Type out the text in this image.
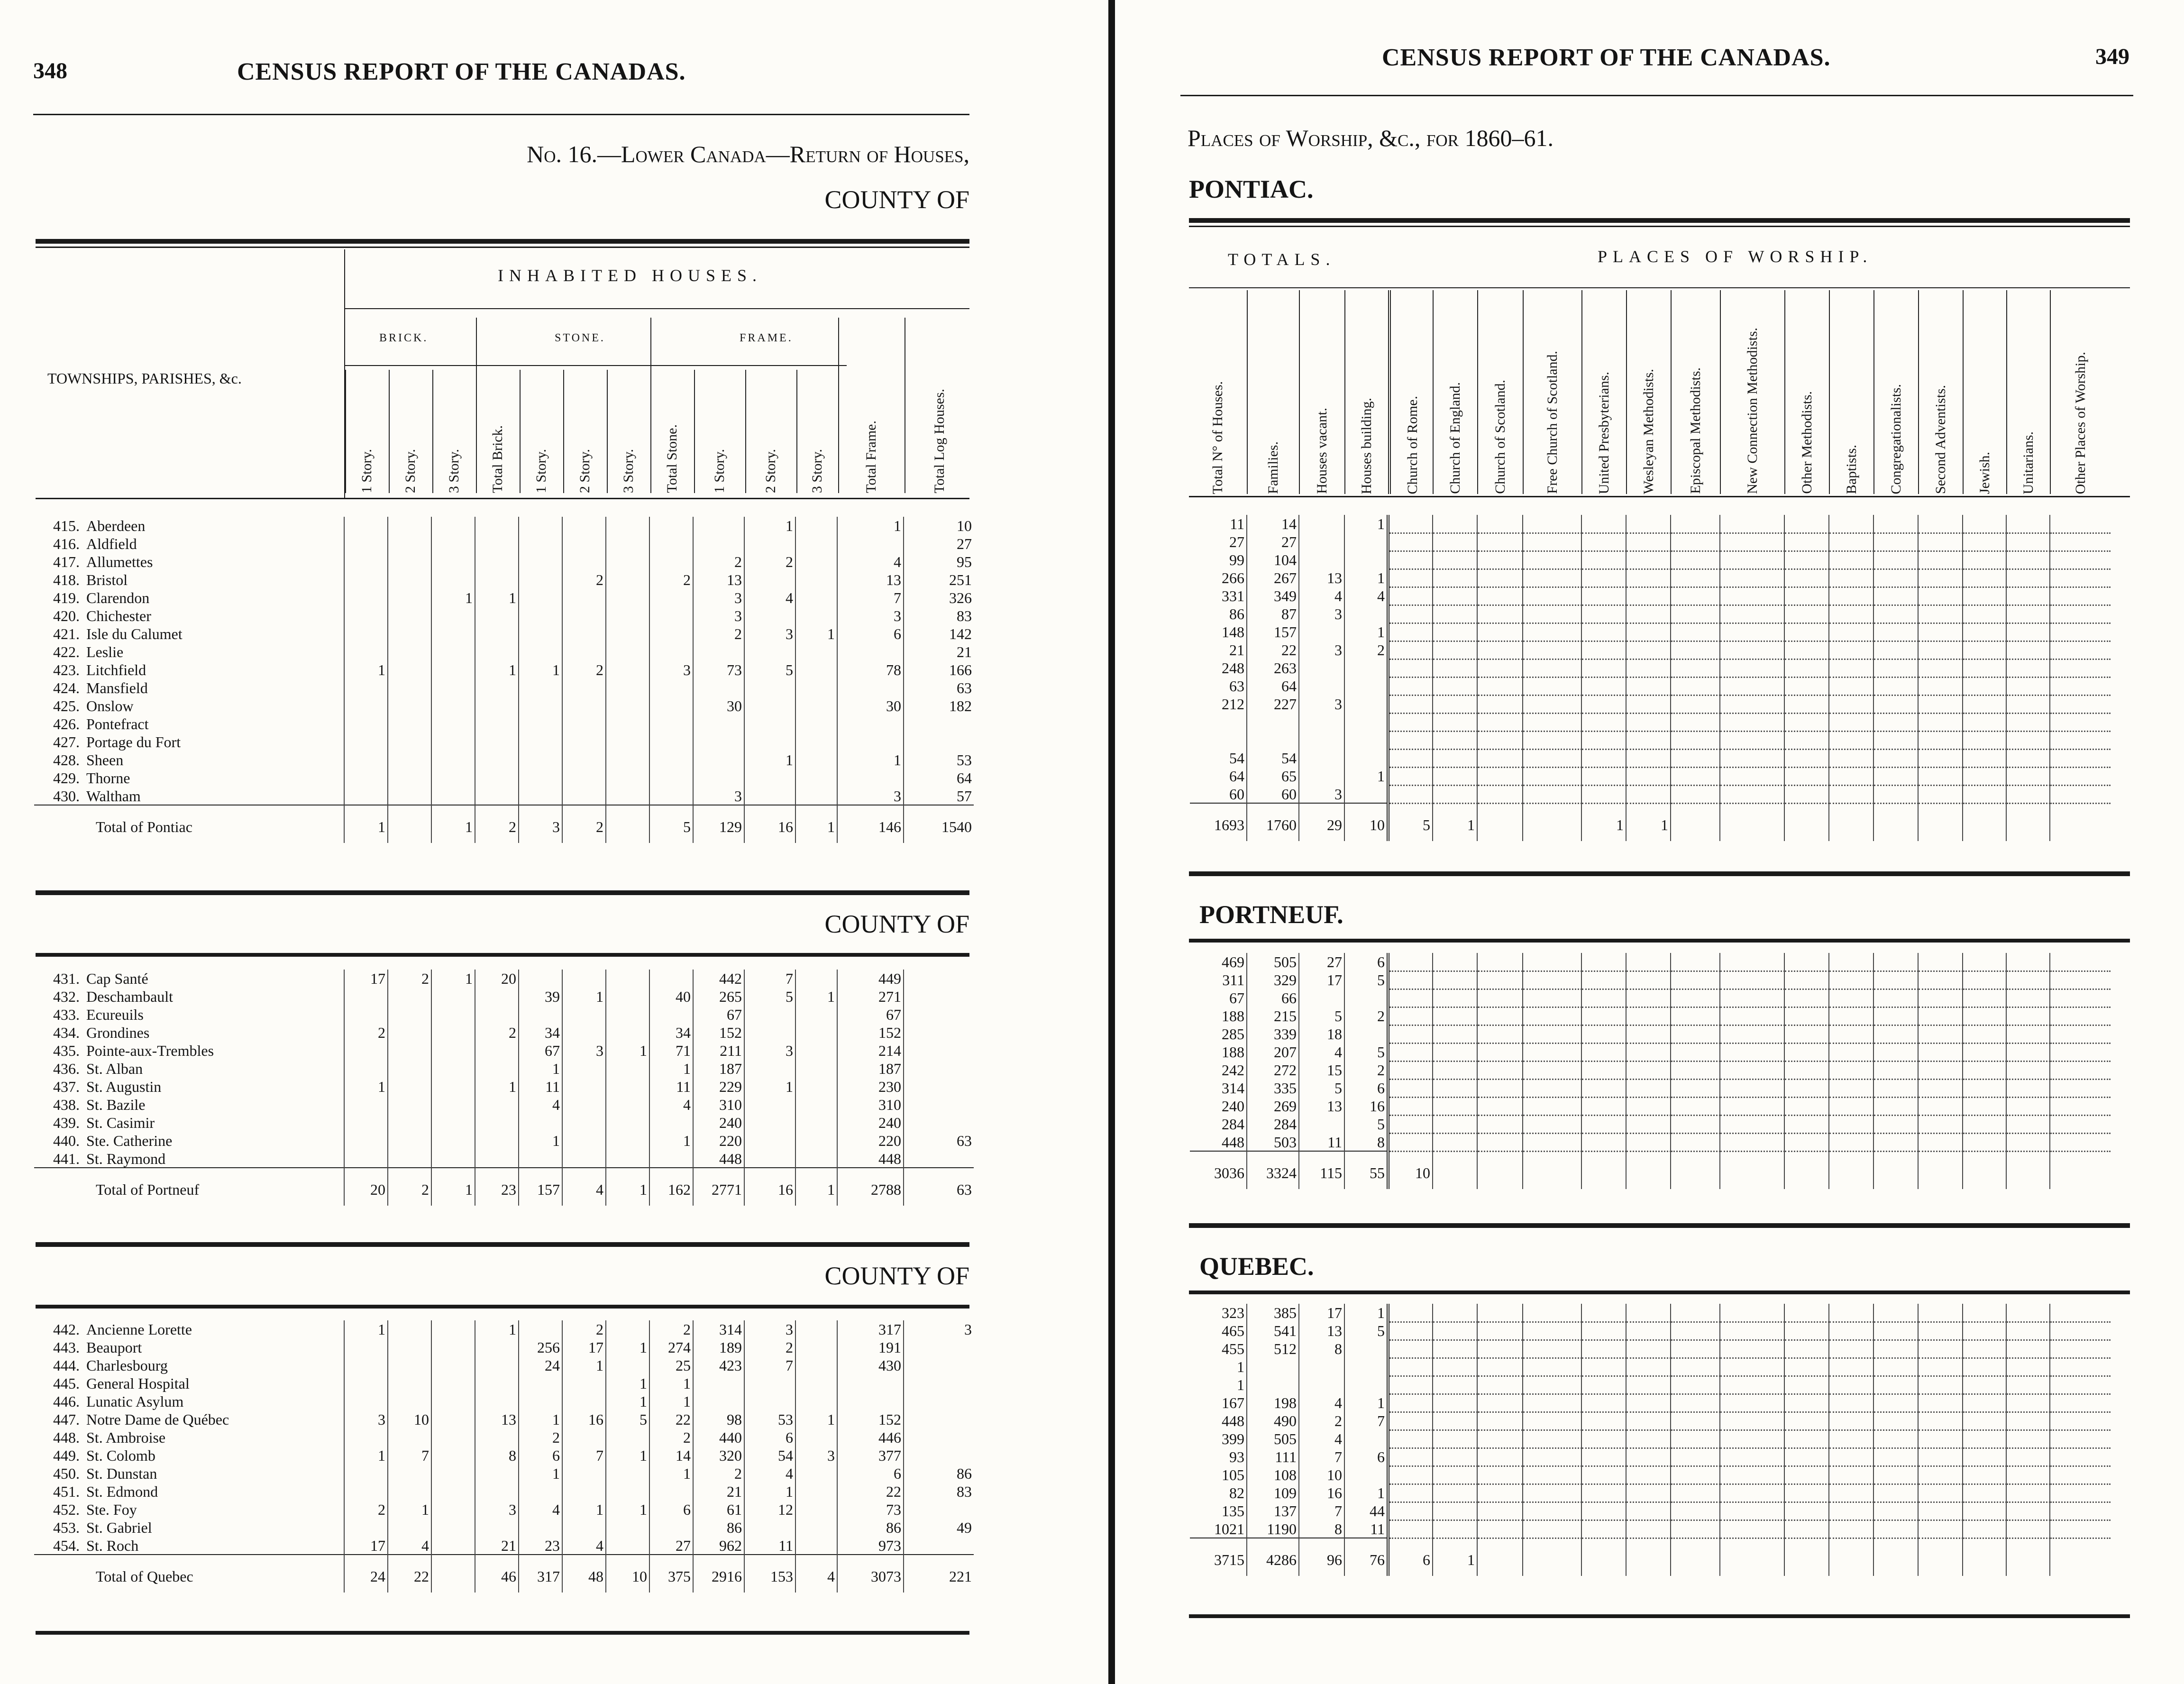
348	CENSUS REPORT OF THE CANADAS.
No. 16.—Lower Canada—Return of Houses,
COUNTY OF
TOWNSHIPS, PARISHES, &c.
INHABITED HOUSES.
BRICK.	STONE.	FRAME.
1 Story. 2 Story. 3 Story. Total Brick. 1 Story. 2 Story. 3 Story. Total Stone. 1 Story.	2 Story. 3 Story.	Total Frame.	Total Log Houses.
415. Aberdeen										1		1	10
416. Aldfield													27
417. Allumettes									2	2		4	95
418. Bristol						2		2	13			13	251
419. Clarendon			1	1					3	4		7	326
420. Chichester									3			3	83
421. Isle du Calumet									2	3	1	6	142
422. Leslie													21
423. Litchfield	1			1	1	2		3	73	5		78	166
424. Mansfield													63
425. Onslow									30			30	182
426. Pontefract													
427. Portage du Fort													
428. Sheen										1		1	53
429. Thorne													64
430. Waltham									3			3	57
Total of Pontiac	1		1	2	3	2		5	129	16	1	146	1540
COUNTY OF
431. Cap Santé	17	2	1	20					442	7		449	
432. Deschambault					39	1		40	265	5	1	271	
433. Ecureuils									67			67	
434. Grondines	2			2	34			34	152			152	
435. Pointe-aux-Trembles					67	3	1	71	211	3		214	
436. St. Alban					1			1	187			187	
437. St. Augustin	1			1	11			11	229	1		230	
438. St. Bazile					4			4	310			310	
439. St. Casimir									240			240	
440. Ste. Catherine					1			1	220			220	63
441. St. Raymond									448			448	
Total of Portneuf	20	2	1	23	157	4	1	162	2771	16	1	2788	63
COUNTY OF
442. Ancienne Lorette	1			1		2		2	314	3		317	3
443. Beauport					256	17	1	274	189	2		191	
444. Charlesbourg					24	1		25	423	7		430	
445. General Hospital							1	1					
446. Lunatic Asylum							1	1					
447. Notre Dame de Québec	3	10		13	1	16	5	22	98	53	1	152	
448. St. Ambroise					2			2	440	6		446	
449. St. Colomb	1	7		8	6	7	1	14	320	54	3	377	
450. St. Dunstan					1			1	2	4		6	86
451. St. Edmond									21	1		22	83
452. Ste. Foy	2	1		3	4	1	1	6	61	12		73	
453. St. Gabriel									86			86	49
454. St. Roch	17	4		21	23	4		27	962	11		973	
Total of Quebec	24	22		46	317	48	10	375	2916	153	4	3073	221
CENSUS REPORT OF THE CANADAS.	349
Places of Worship, &c., for 1860–61.
PONTIAC.
TOTALS.	PLACES OF WORSHIP.
Total N° of Houses.	Families. Houses vacant. Houses building. Church of Rome. Church of England. Church of Scotland.	Free Church of Scotland.	United Presbyterians. Wesleyan Methodists. Episcopal Methodists.	New Connection Methodists.	Other Methodists. Baptists. Congregationalists. Second Adventists. Jewish. Unitarians.	Other Places of Worship.
11	14		1															
27	27																	
99	104																	
266	267	13	1															
331	349	4	4															
86	87	3																
148	157		1															
21	22	3	2															
248	263																	
63	64																	
212	227	3																

54	54																	
64	65		1															
60	60	3																
1693	1760	29	10	5	1			1	1									
PORTNEUF.
469	505	27	6															
311	329	17	5															
67	66																	
188	215	5	2															
285	339	18																
188	207	4	5															
242	272	15	2															
314	335	5	6															
240	269	13	16															
284	284		5															
448	503	11	8															
3036	3324	115	55	10														
QUEBEC.
323	385	17	1															
465	541	13	5															
455	512	8																
1																		
1																		
167	198	4	1															
448	490	2	7															
399	505	4																
93	111	7	6															
105	108	10																
82	109	16	1															
135	137	7	44															
1021	1190	8	11															
3715	4286	96	76	6	1													
